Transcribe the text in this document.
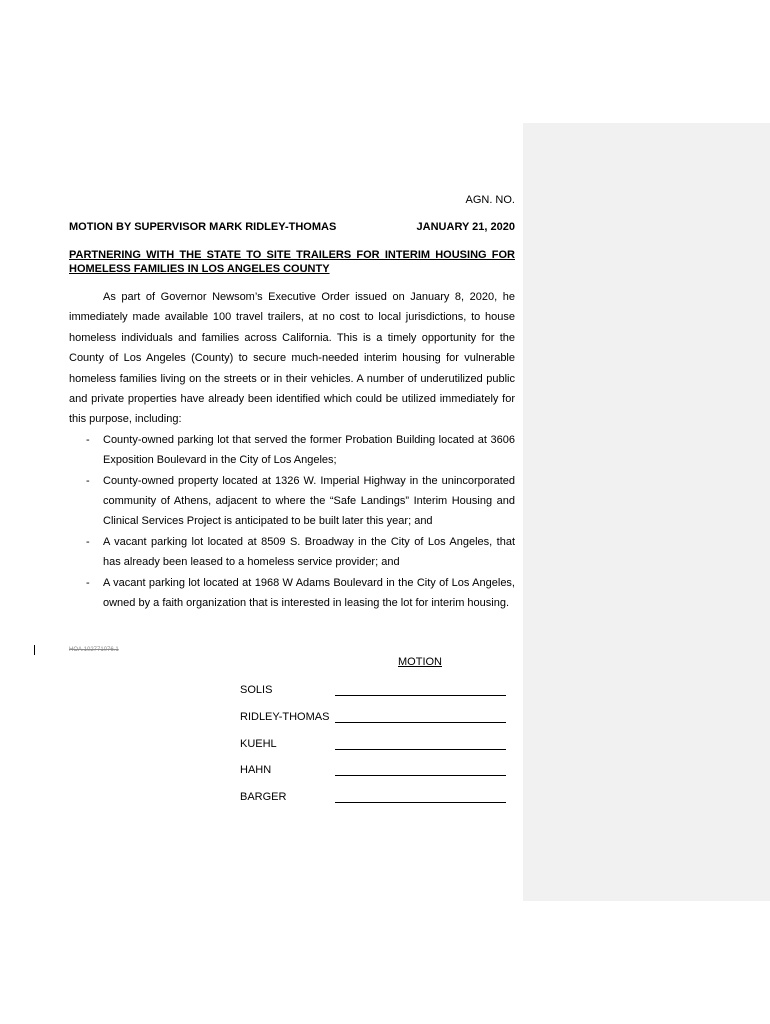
AGN. NO.
MOTION BY SUPERVISOR MARK RIDLEY-THOMAS	JANUARY 21, 2020
PARTNERING WITH THE STATE TO SITE TRAILERS FOR INTERIM HOUSING FOR HOMELESS FAMILIES IN LOS ANGELES COUNTY

As part of Governor Newsom’s Executive Order issued on January 8, 2020, he immediately made available 100 travel trailers, at no cost to local jurisdictions, to house homeless individuals and families across California. This is a timely opportunity for the County of Los Angeles (County) to secure much-needed interim housing for vulnerable homeless families living on the streets or in their vehicles. A number of underutilized public and private properties have already been identified which could be utilized immediately for this purpose, including:

- County-owned parking lot that served the former Probation Building located at 3606 Exposition Boulevard in the City of Los Angeles;
- County-owned property located at 1326 W. Imperial Highway in the unincorporated community of Athens, adjacent to where the “Safe Landings” Interim Housing and Clinical Services Project is anticipated to be built later this year; and
- A vacant parking lot located at 8509 S. Broadway in the City of Los Angeles, that has already been leased to a homeless service provider; and
- A vacant parking lot located at 1968 W Adams Boulevard in the City of Los Angeles, owned by a faith organization that is interested in leasing the lot for interim housing.
HOA.102771076.1
MOTION
SOLIS
RIDLEY-THOMAS
KUEHL
HAHN
BARGER
